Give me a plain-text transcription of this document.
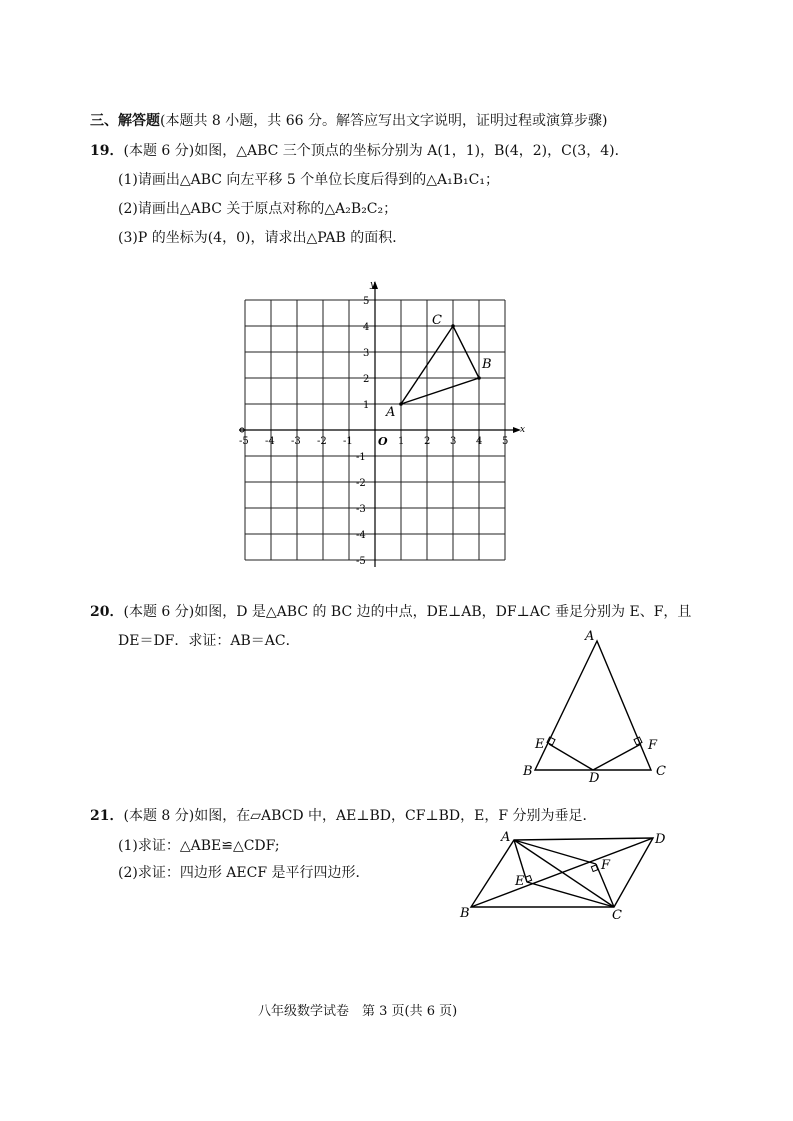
三、解答题(本题共 8 小题，共 66 分。解答应写出文字说明，证明过程或演算步骤)
19．(本题 6 分)如图，△ABC 三个顶点的坐标分别为 A(1，1)，B(4，2)，C(3，4)．
(1)请画出△ABC 向左平移 5 个单位长度后得到的△A₁B₁C₁；
(2)请画出△ABC 关于原点对称的△A₂B₂C₂；
(3)P 的坐标为(4，0)，请求出△PAB 的面积．
x
y
O
-5 -4 -3 -2 -1	1 2 3 4 5
5
4
3
2
1
-1
-2
-3
-4
-5
A
B
C
20．(本题 6 分)如图，D 是△ABC 的 BC 边的中点，DE⊥AB，DF⊥AC 垂足分别为 E、F，且
DE＝DF．求证：AB＝AC．	A
B	C
D
E	F
21．(本题 8 分)如图，在▱ABCD 中，AE⊥BD，CF⊥BD，E，F 分别为垂足．
(1)求证：△ABE≌△CDF;
(2)求证：四边形 AECF 是平行四边形．
A	D
B	C
E
F
八年级数学试卷　第 3 页(共 6 页)
